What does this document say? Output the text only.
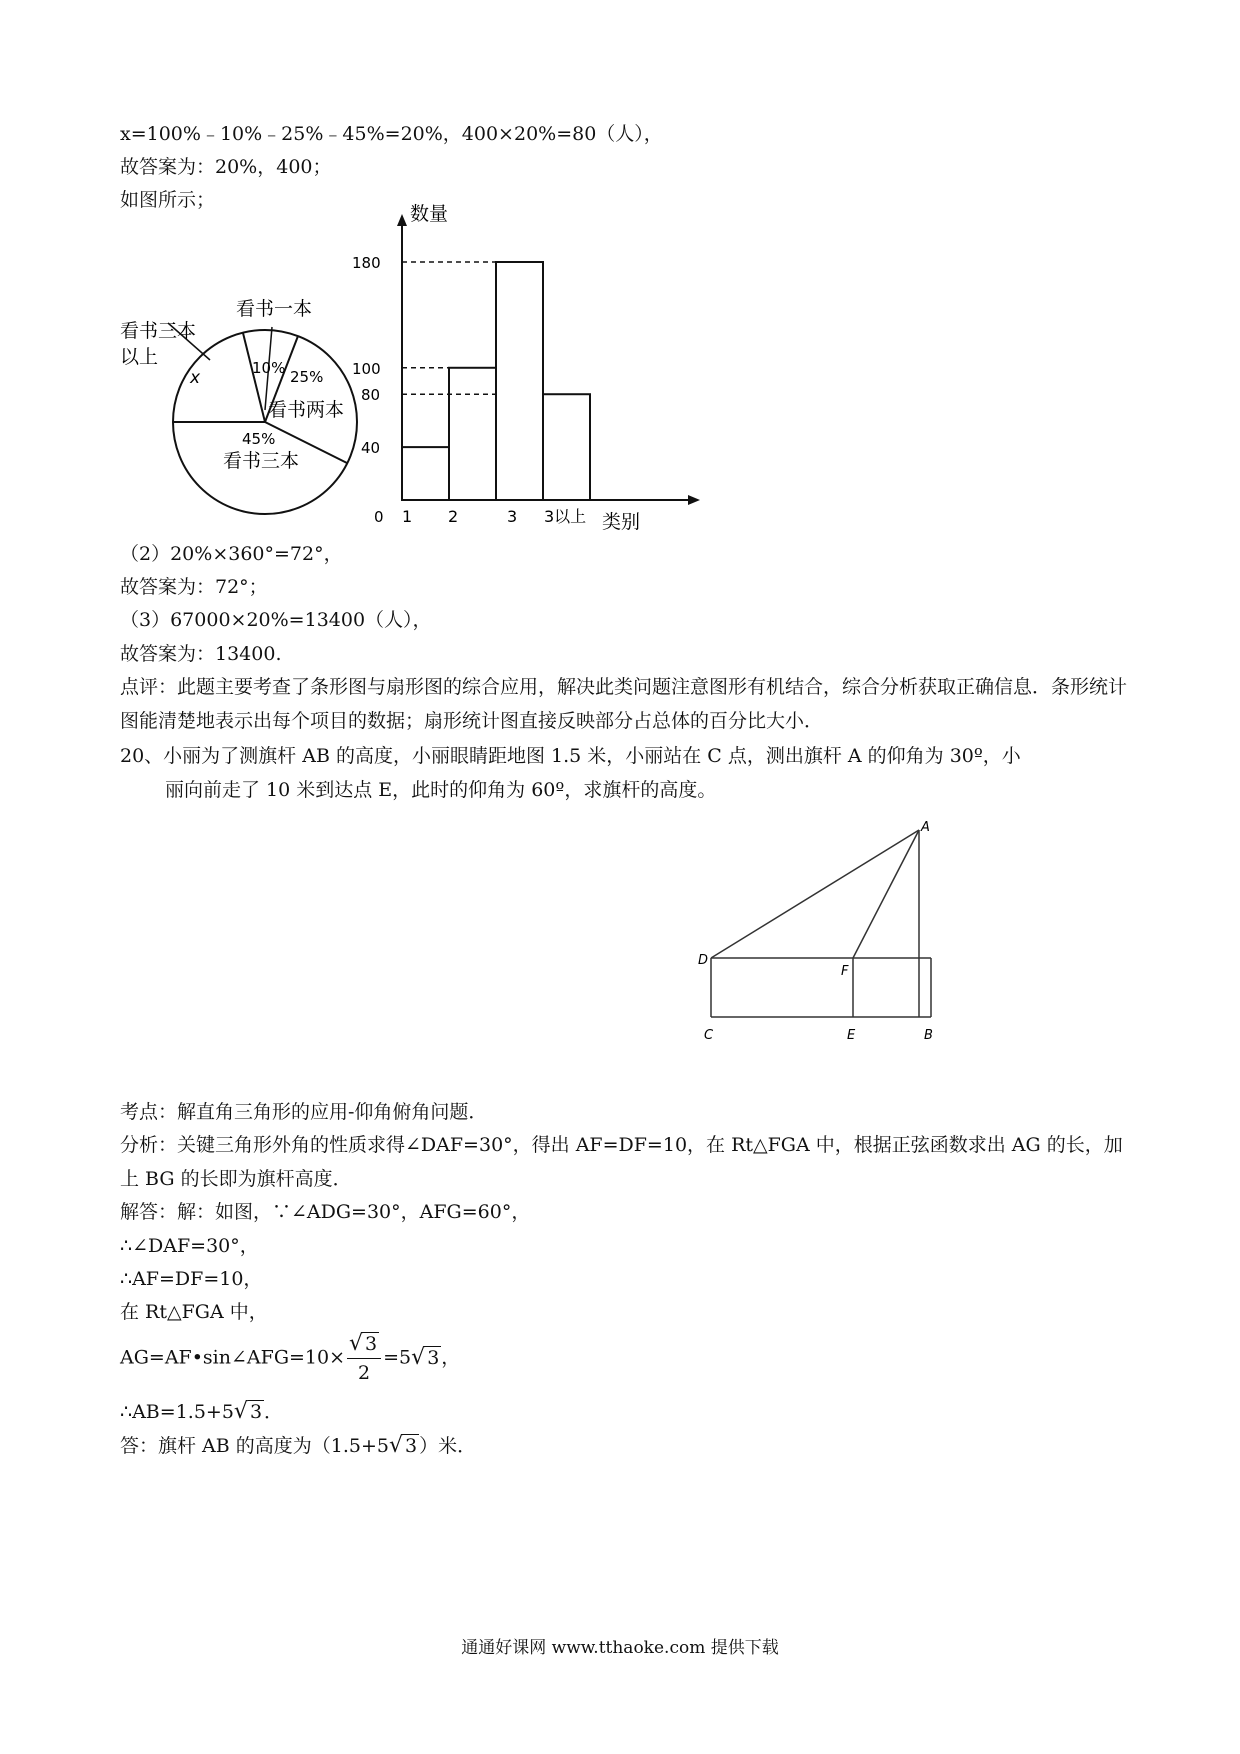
x=100%﹣10%﹣25%﹣45%=20%，400×20%=80（人），
故答案为：20%，400；
如图所示；
看书一本
看书三本
以上
x	10% 25%
看书两本
45%
看书三本
数量
类别
0
40
80
100
180
1 2	3 3以上
（2）20%×360°=72°，
故答案为：72°；
（3）67000×20%=13400（人），
故答案为：13400.
点评：此题主要考查了条形图与扇形图的综合应用，解决此类问题注意图形有机结合，综合分析获取正确信息．条形统计图能清楚地表示出每个项目的数据；扇形统计图直接反映部分占总体的百分比大小．
20、小丽为了测旗杆 AB 的高度，小丽眼睛距地图 1.5 米，小丽站在 C 点，测出旗杆 A 的仰角为 30º，小
丽向前走了 10 米到达点 E，此时的仰角为 60º，求旗杆的高度。
A
D
F
C	E	B
考点：解直角三角形的应用-仰角俯角问题．
分析：关键三角形外角的性质求得∠DAF=30°，得出 AF=DF=10，在 Rt△FGA 中，根据正弦函数求出 AG 的长，加上 BG 的长即为旗杆高度．
解答：解：如图，∵∠ADG=30°，AFG=60°，
∴∠DAF=30°，
∴AF=DF=10，
在 Rt△FGA 中，
AG=AF•sin∠AFG=10× $\frac{√ 3}{2} =5√$ 3 ，
∴AB=1.5+5√ 3 ．
答：旗杆 AB 的高度为（1.5+5√ 3 ）米．
通通好课网 www.tthaoke.com 提供下载
